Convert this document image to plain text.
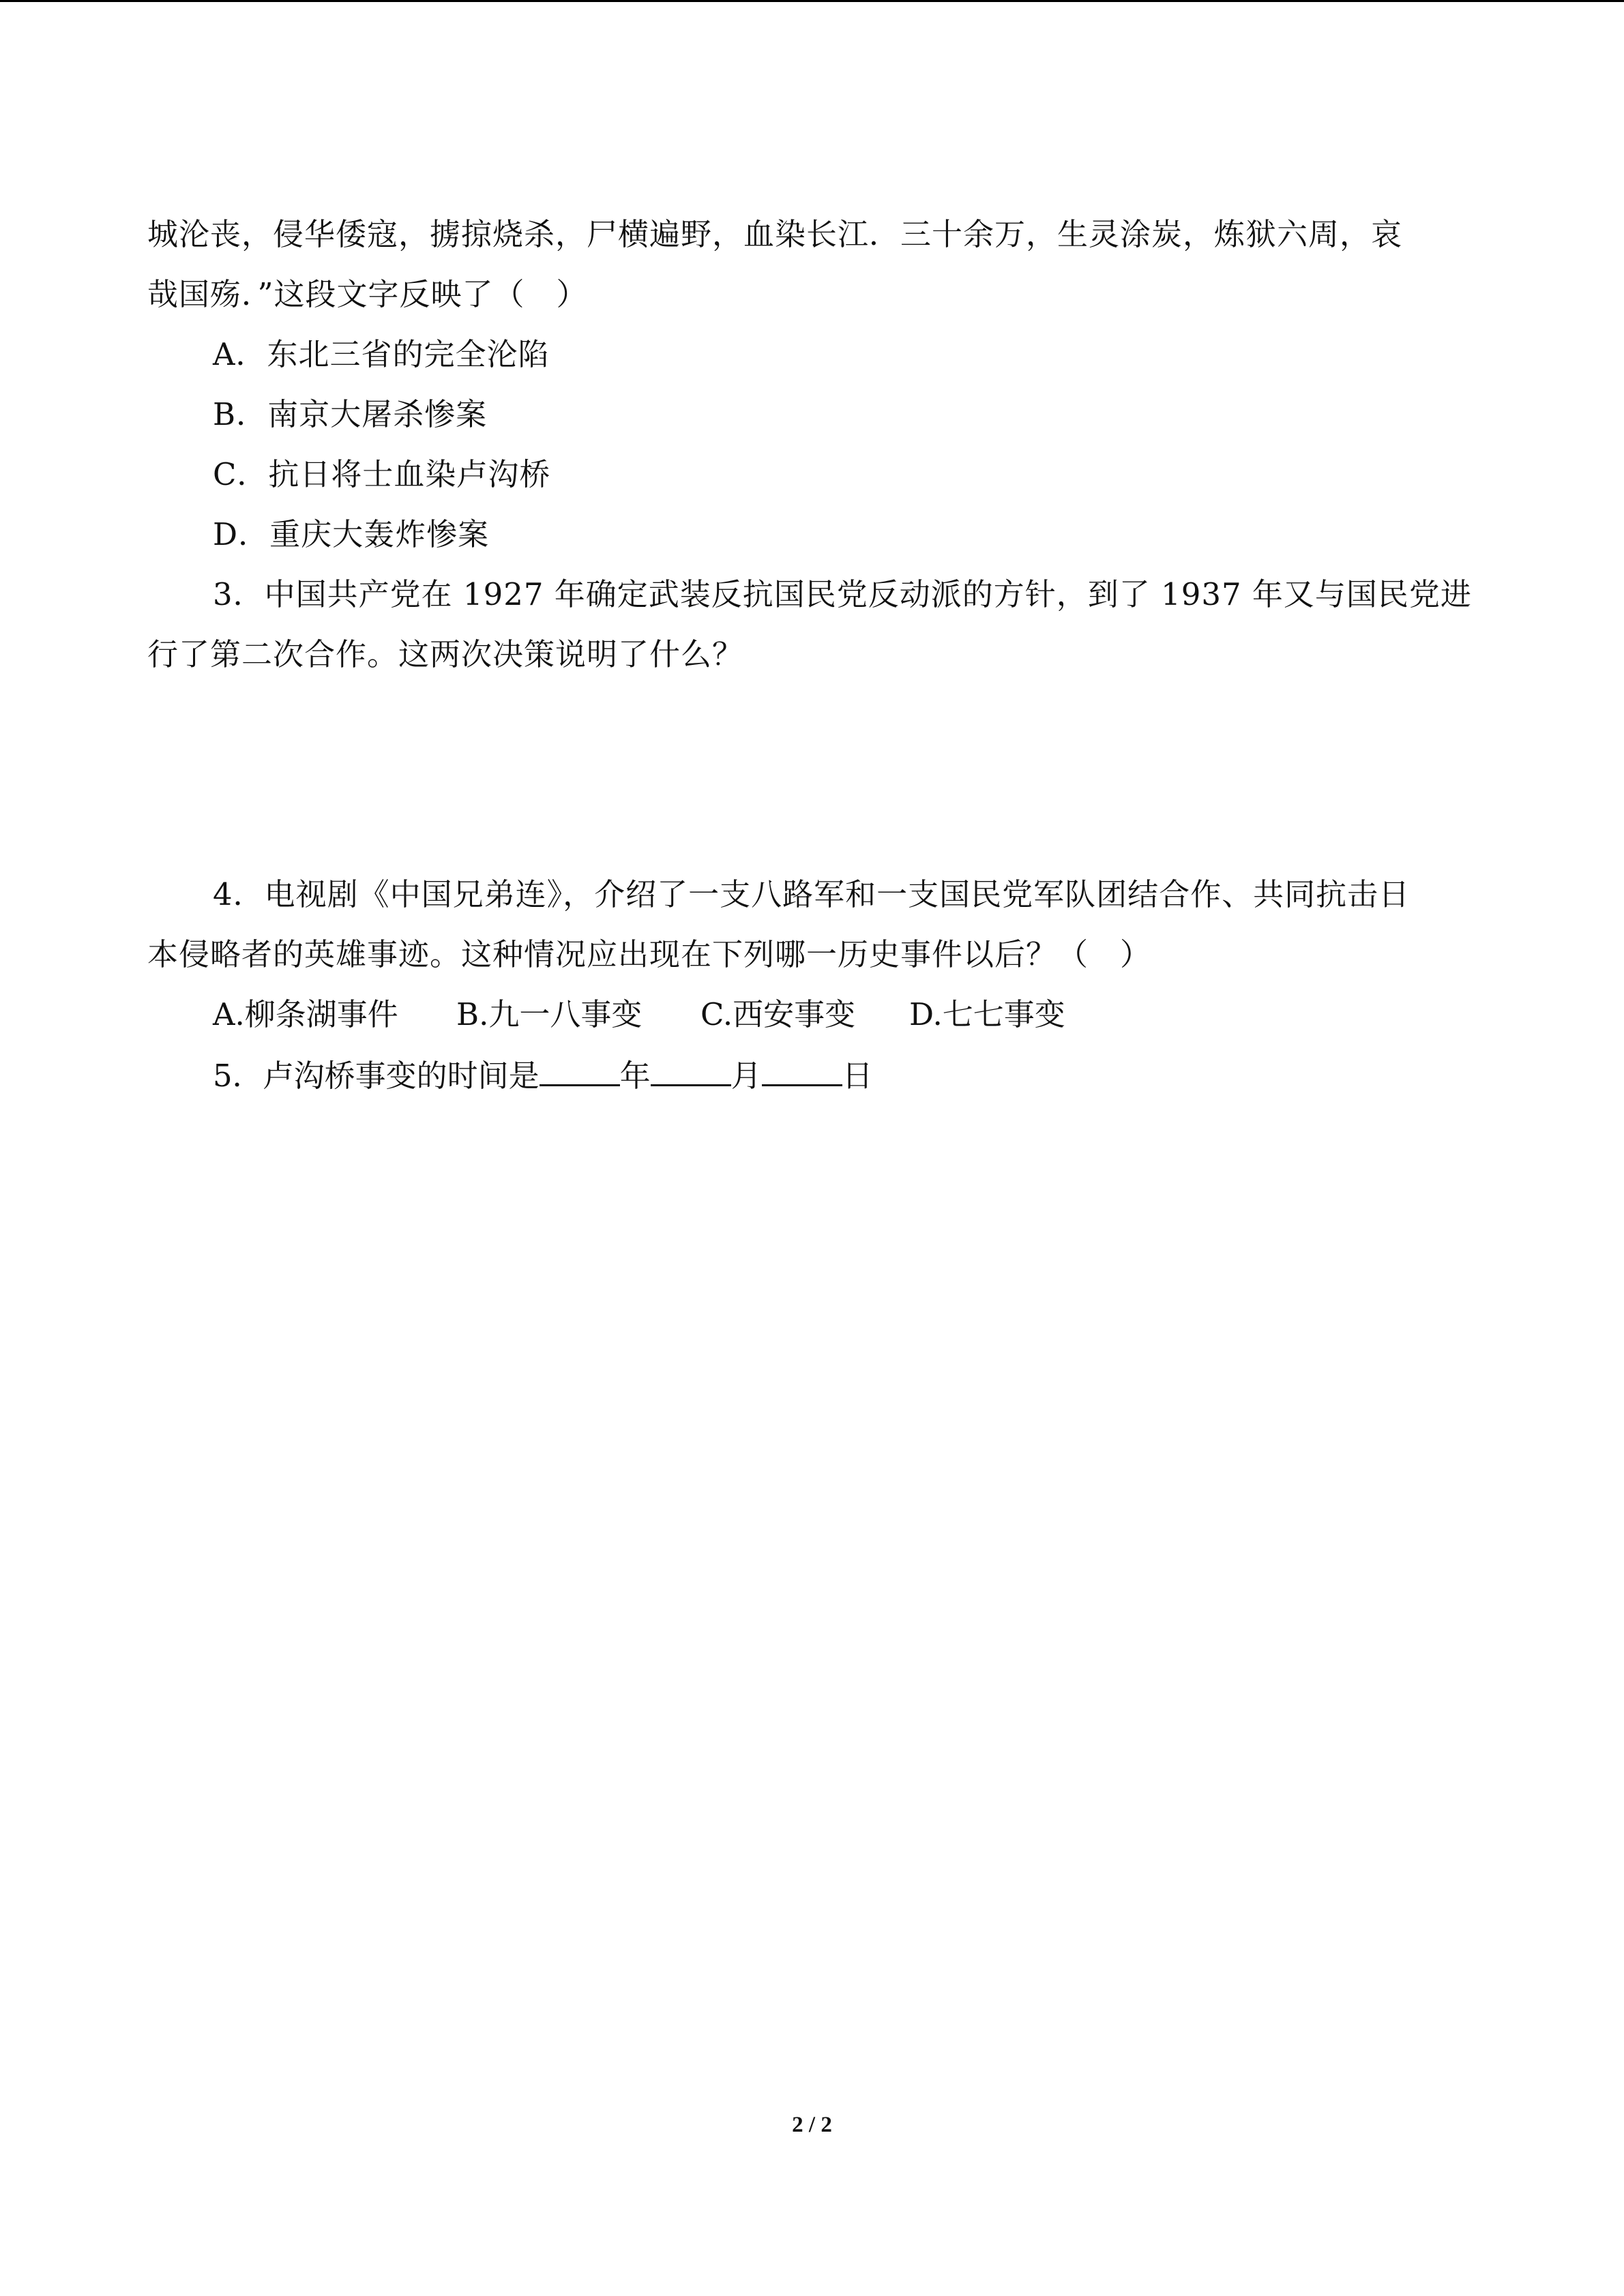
城沦丧，侵华倭寇，掳掠烧杀，尸横遍野，血染长江．三十余万，生灵涂炭，炼狱六周，哀
哉国殇．”这段文字反映了（　）
A．东北三省的完全沦陷
B．南京大屠杀惨案
C．抗日将士血染卢沟桥
D．重庆大轰炸惨案
3．中国共产党在 1927 年确定武装反抗国民党反动派的方针，到了 1937 年又与国民党进
行了第二次合作。这两次决策说明了什么？
4．电视剧《中国兄弟连》，介绍了一支八路军和一支国民党军队团结合作、共同抗击日
本侵略者的英雄事迹。这种情况应出现在下列哪一历史事件以后？（　）
A.柳条湖事件 B.九一八事变 C.西安事变 D.七七事变
5．卢沟桥事变的时间是	年	月	日
2 / 2
